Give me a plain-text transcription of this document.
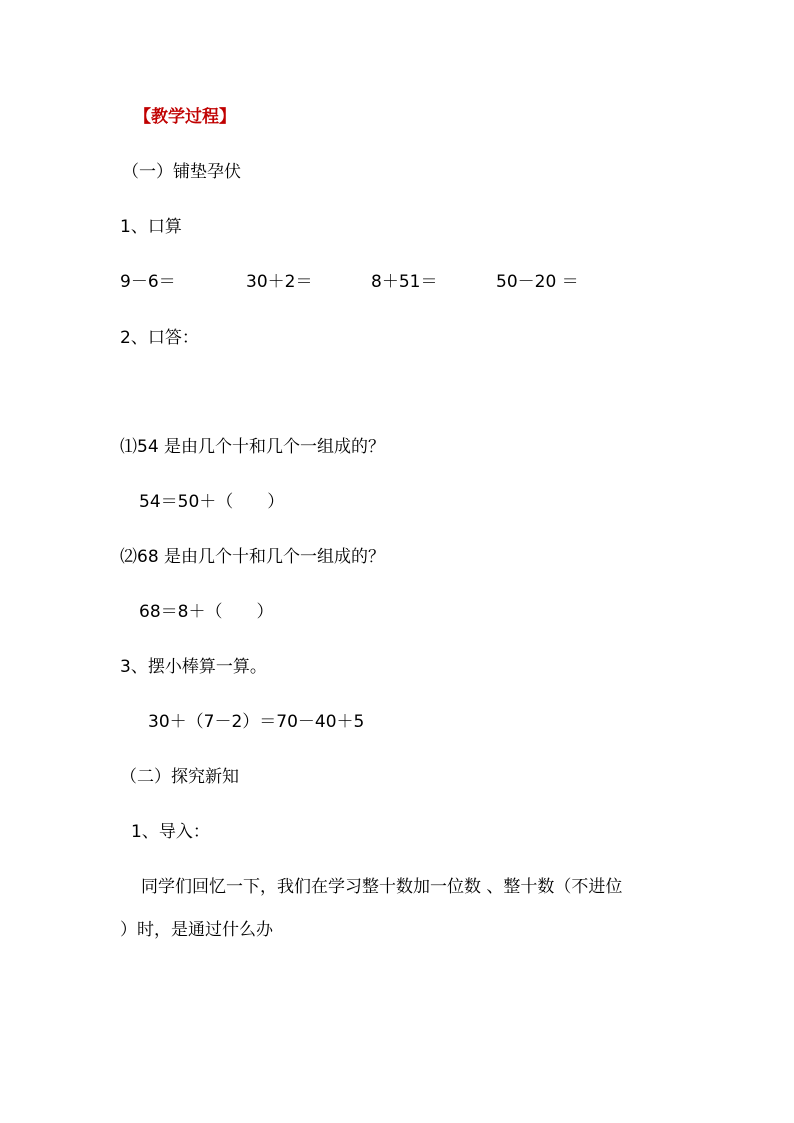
【教学过程】
（一）铺垫孕伏
1、口算
9－6＝	30＋2＝	8＋51＝	50－20 ＝
2、口答：
⑴54 是由几个十和几个一组成的？
54＝50＋（　　）
⑵68 是由几个十和几个一组成的？
68＝8＋（　　）
3、摆小棒算一算。
30＋（7－2）＝70－40＋5
（二）探究新知
1、导入：
同学们回忆一下，我们在学习整十数加一位数 、整十数（不进位
）时，是通过什么办
